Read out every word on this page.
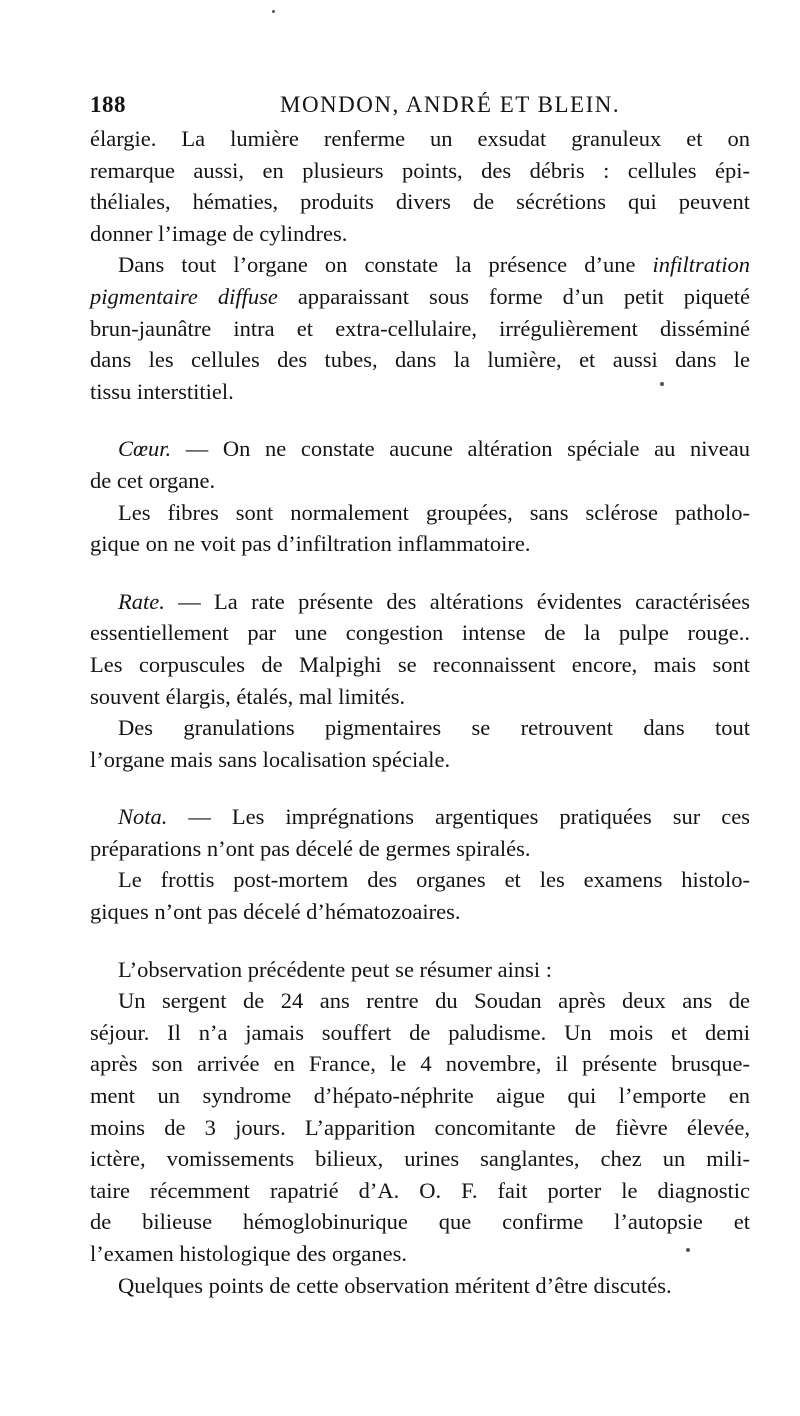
188	MONDON, ANDRÉ ET BLEIN.
élargie. La lumière renferme un exsudat granuleux et on
remarque aussi, en plusieurs points, des débris : cellules épi-
théliales, hématies, produits divers de sécrétions qui peuvent
donner l’image de cylindres.
Dans tout l’organe on constate la présence d’une infiltration
pigmentaire diffuse apparaissant sous forme d’un petit piqueté
brun-jaunâtre intra et extra-cellulaire, irrégulièrement disséminé
dans les cellules des tubes, dans la lumière, et aussi dans le
tissu interstitiel.
Cœur. — On ne constate aucune altération spéciale au niveau
de cet organe.
Les fibres sont normalement groupées, sans sclérose patholo-
gique on ne voit pas d’infiltration inflammatoire.
Rate. — La rate présente des altérations évidentes caractérisées
essentiellement par une congestion intense de la pulpe rouge..
Les corpuscules de Malpighi se reconnaissent encore, mais sont
souvent élargis, étalés, mal limités.
Des granulations pigmentaires se retrouvent dans tout
l’organe mais sans localisation spéciale.
Nota. — Les imprégnations argentiques pratiquées sur ces
préparations n’ont pas décelé de germes spiralés.
Le frottis post-mortem des organes et les examens histolo-
giques n’ont pas décelé d’hématozoaires.
L’observation précédente peut se résumer ainsi :
Un sergent de 24 ans rentre du Soudan après deux ans de
séjour. Il n’a jamais souffert de paludisme. Un mois et demi
après son arrivée en France, le 4 novembre, il présente brusque-
ment un syndrome d’hépato-néphrite aigue qui l’emporte en
moins de 3 jours. L’apparition concomitante de fièvre élevée,
ictère, vomissements bilieux, urines sanglantes, chez un mili-
taire récemment rapatrié d’A. O. F. fait porter le diagnostic
de bilieuse hémoglobinurique que confirme l’autopsie et
l’examen histologique des organes.
Quelques points de cette observation méritent d’être discutés.
